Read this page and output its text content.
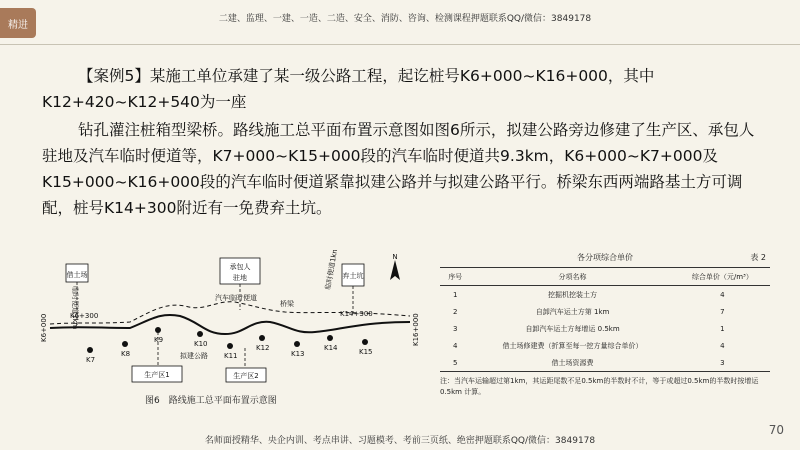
精进
二建、监理、一建、一造、二造、安全、消防、咨询、检测课程押题联系QQ/微信：3849178
【案例5】某施工单位承建了某一级公路工程，起讫桩号K6+000~K16+000，其中K12+420~K12+540为一座
钻孔灌注桩箱型梁桥。路线施工总平面布置示意图如图6所示，拟建公路旁边修建了生产区、承包人驻地及汽车临时便道等，K7+000~K15+000段的汽车临时便道共9.3km，K6+000~K7+000及K15+000~K16+000段的汽车临时便道紧靠拟建公路并与拟建公路平行。桥梁东西两端路基土方可调配，桩号K14+300附近有一免费弃土坑。
借土场
临时便道1km
承包人
驻地	弃土坑
临时便道1km	N
汽车临时便道
桥梁
K6+300	K14+300
K6+000	K16+000
K7
K8
K9	K10
K11
K12
K13
K14	K15
拟建公路
生产区1	生产区2
图6　路线施工总平面布置示意图
各分项综合单价	表 2
序号	分项名称	综合单价（元/m³）
1	挖掘机挖装土方	4
2	自卸汽车运土方第 1km	7
3	自卸汽车运土方每增运 0.5km	1
4	借土场修建费（折算至每一挖方量综合单价）	4
5	借土场资源费	3
注：当汽车运输超过第1km，其运距尾数不足0.5km的半数时不计，等于或超过0.5km的半数时按增运 0.5km 计算。
70
名师面授精华、央企内训、考点串讲、习题模考、考前三页纸、绝密押题联系QQ/微信：3849178
